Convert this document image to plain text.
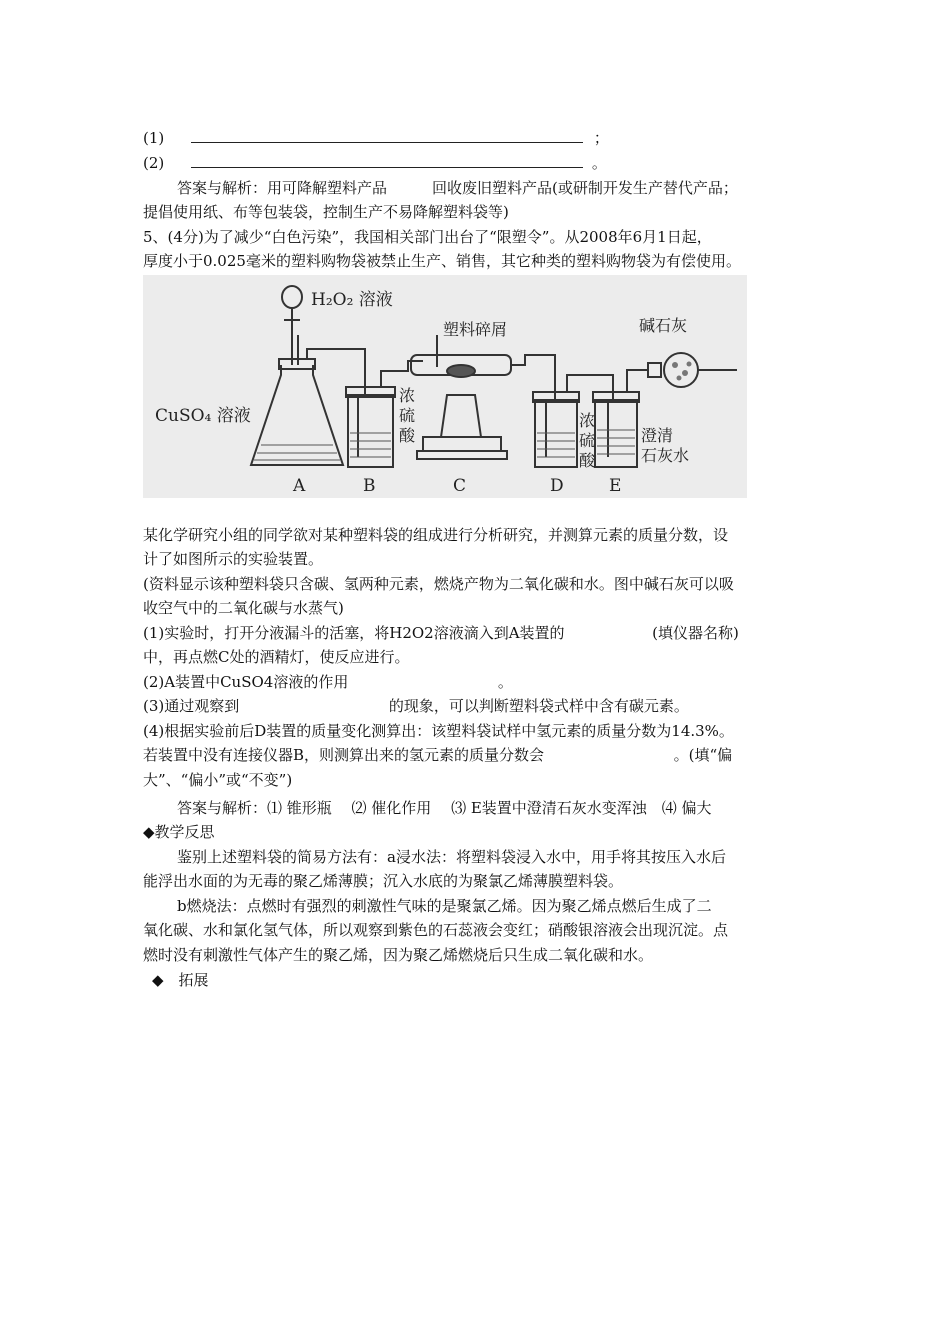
(1)	；
(2)	。
答案与解析：用可降解塑料产品　　　回收废旧塑料产品(或研制开发生产替代产品；
提倡使用纸、布等包装袋，控制生产不易降解塑料袋等)
5、(4分)为了减少“白色污染”，我国相关部门出台了“限塑令”。从2008年6月1日起，
厚度小于0.025毫米的塑料购物袋被禁止生产、销售，其它种类的塑料购物袋为有偿使用。
H₂O₂ 溶液
塑料碎屑	碱石灰
CuSO₄ 溶液
浓
硫
酸
浓
硫
酸
澄清
石灰水
A	B	C	D	E
某化学研究小组的同学欲对某种塑料袋的组成进行分析研究，并测算元素的质量分数，设
计了如图所示的实验装置。
(资料显示该种塑料袋只含碳、氢两种元素，燃烧产物为二氧化碳和水。图中碱石灰可以吸
收空气中的二氧化碳与水蒸气)
(1)实验时，打开分液漏斗的活塞，将H2O2溶液滴入到A装置的	(填仪器名称)
中，再点燃C处的酒精灯，使反应进行。
(2)A装置中CuSO4溶液的作用	。
(3)通过观察到	的现象，可以判断塑料袋式样中含有碳元素。
(4)根据实验前后D装置的质量变化测算出：该塑料袋试样中氢元素的质量分数为14.3%。
若装置中没有连接仪器B，则测算出来的氢元素的质量分数会	。(填“偏
大”、“偏小”或“不变”)
答案与解析：⑴ 锥形瓶　 ⑵ 催化作用　 ⑶ E装置中澄清石灰水变浑浊　⑷ 偏大
◆教学反思
鉴别上述塑料袋的简易方法有：a浸水法：将塑料袋浸入水中，用手将其按压入水后
能浮出水面的为无毒的聚乙烯薄膜；沉入水底的为聚氯乙烯薄膜塑料袋。
b燃烧法：点燃时有强烈的刺激性气味的是聚氯乙烯。因为聚乙烯点燃后生成了二
氧化碳、水和氯化氢气体，所以观察到紫色的石蕊液会变红；硝酸银溶液会出现沉淀。点
燃时没有刺激性气体产生的聚乙烯，因为聚乙烯燃烧后只生成二氧化碳和水。
◆　拓展
